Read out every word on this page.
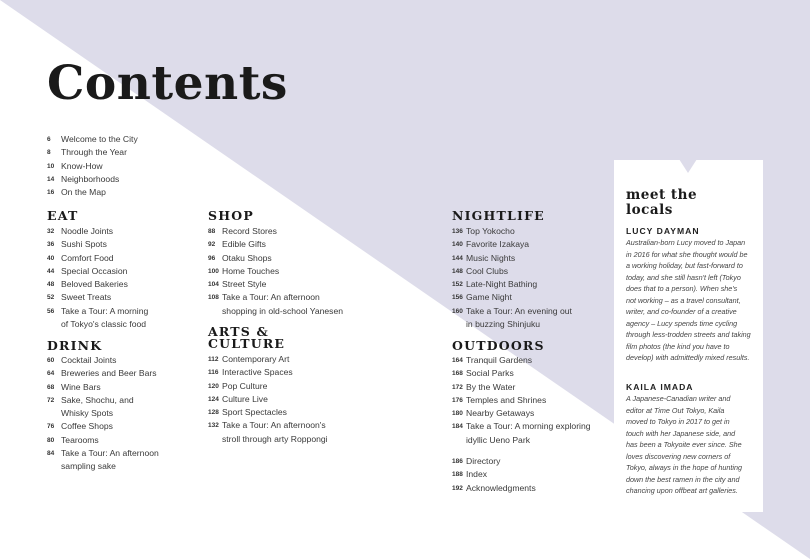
Contents
6	Welcome to the City
8	Through the Year
10 Know-How
14 Neighborhoods
16 On the Map
EAT
32 Noodle Joints
36 Sushi Spots
40 Comfort Food
44 Special Occasion
48 Beloved Bakeries
52 Sweet Treats
56 Take a Tour: A morning
of Tokyo's classic food
DRINK
60 Cocktail Joints
64 Breweries and Beer Bars
68 Wine Bars
72 Sake, Shochu, and
Whisky Spots
76 Coffee Shops
80 Tearooms
84 Take a Tour: An afternoon
sampling sake
SHOP
88 Record Stores
92 Edible Gifts
96 Otaku Shops
100 Home Touches
104 Street Style
108 Take a Tour: An afternoon
shopping in old-school Yanesen
ARTS &
CULTURE
112 Contemporary Art
116 Interactive Spaces
120 Pop Culture
124 Culture Live
128 Sport Spectacles
132 Take a Tour: An afternoon's
stroll through arty Roppongi
NIGHTLIFE
136 Top Yokocho
140 Favorite Izakaya
144 Music Nights
148 Cool Clubs
152 Late-Night Bathing
156 Game Night
160 Take a Tour: An evening out
in buzzing Shinjuku
OUTDOORS
164 Tranquil Gardens
168 Social Parks
172 By the Water
176 Temples and Shrines
180 Nearby Getaways
184 Take a Tour: A morning exploring
idyllic Ueno Park
186 Directory
188 Index
192 Acknowledgments
meet the
locals

LUCY DAYMAN

Australian-born Lucy moved to Japan
in 2016 for what she thought would be
a working holiday, but fast-forward to
today, and she still hasn't left (Tokyo
does that to a person). When she's
not working – as a travel consultant,
writer, and co-founder of a creative
agency – Lucy spends time cycling
through less-trodden streets and taking
film photos (the kind you have to
develop) with admittedly mixed results.

KAILA IMADA

A Japanese-Canadian writer and
editor at Time Out Tokyo, Kaila
moved to Tokyo in 2017 to get in
touch with her Japanese side, and
has been a Tokyoite ever since. She
loves discovering new corners of
Tokyo, always in the hope of hunting
down the best ramen in the city and
chancing upon offbeat art galleries.
